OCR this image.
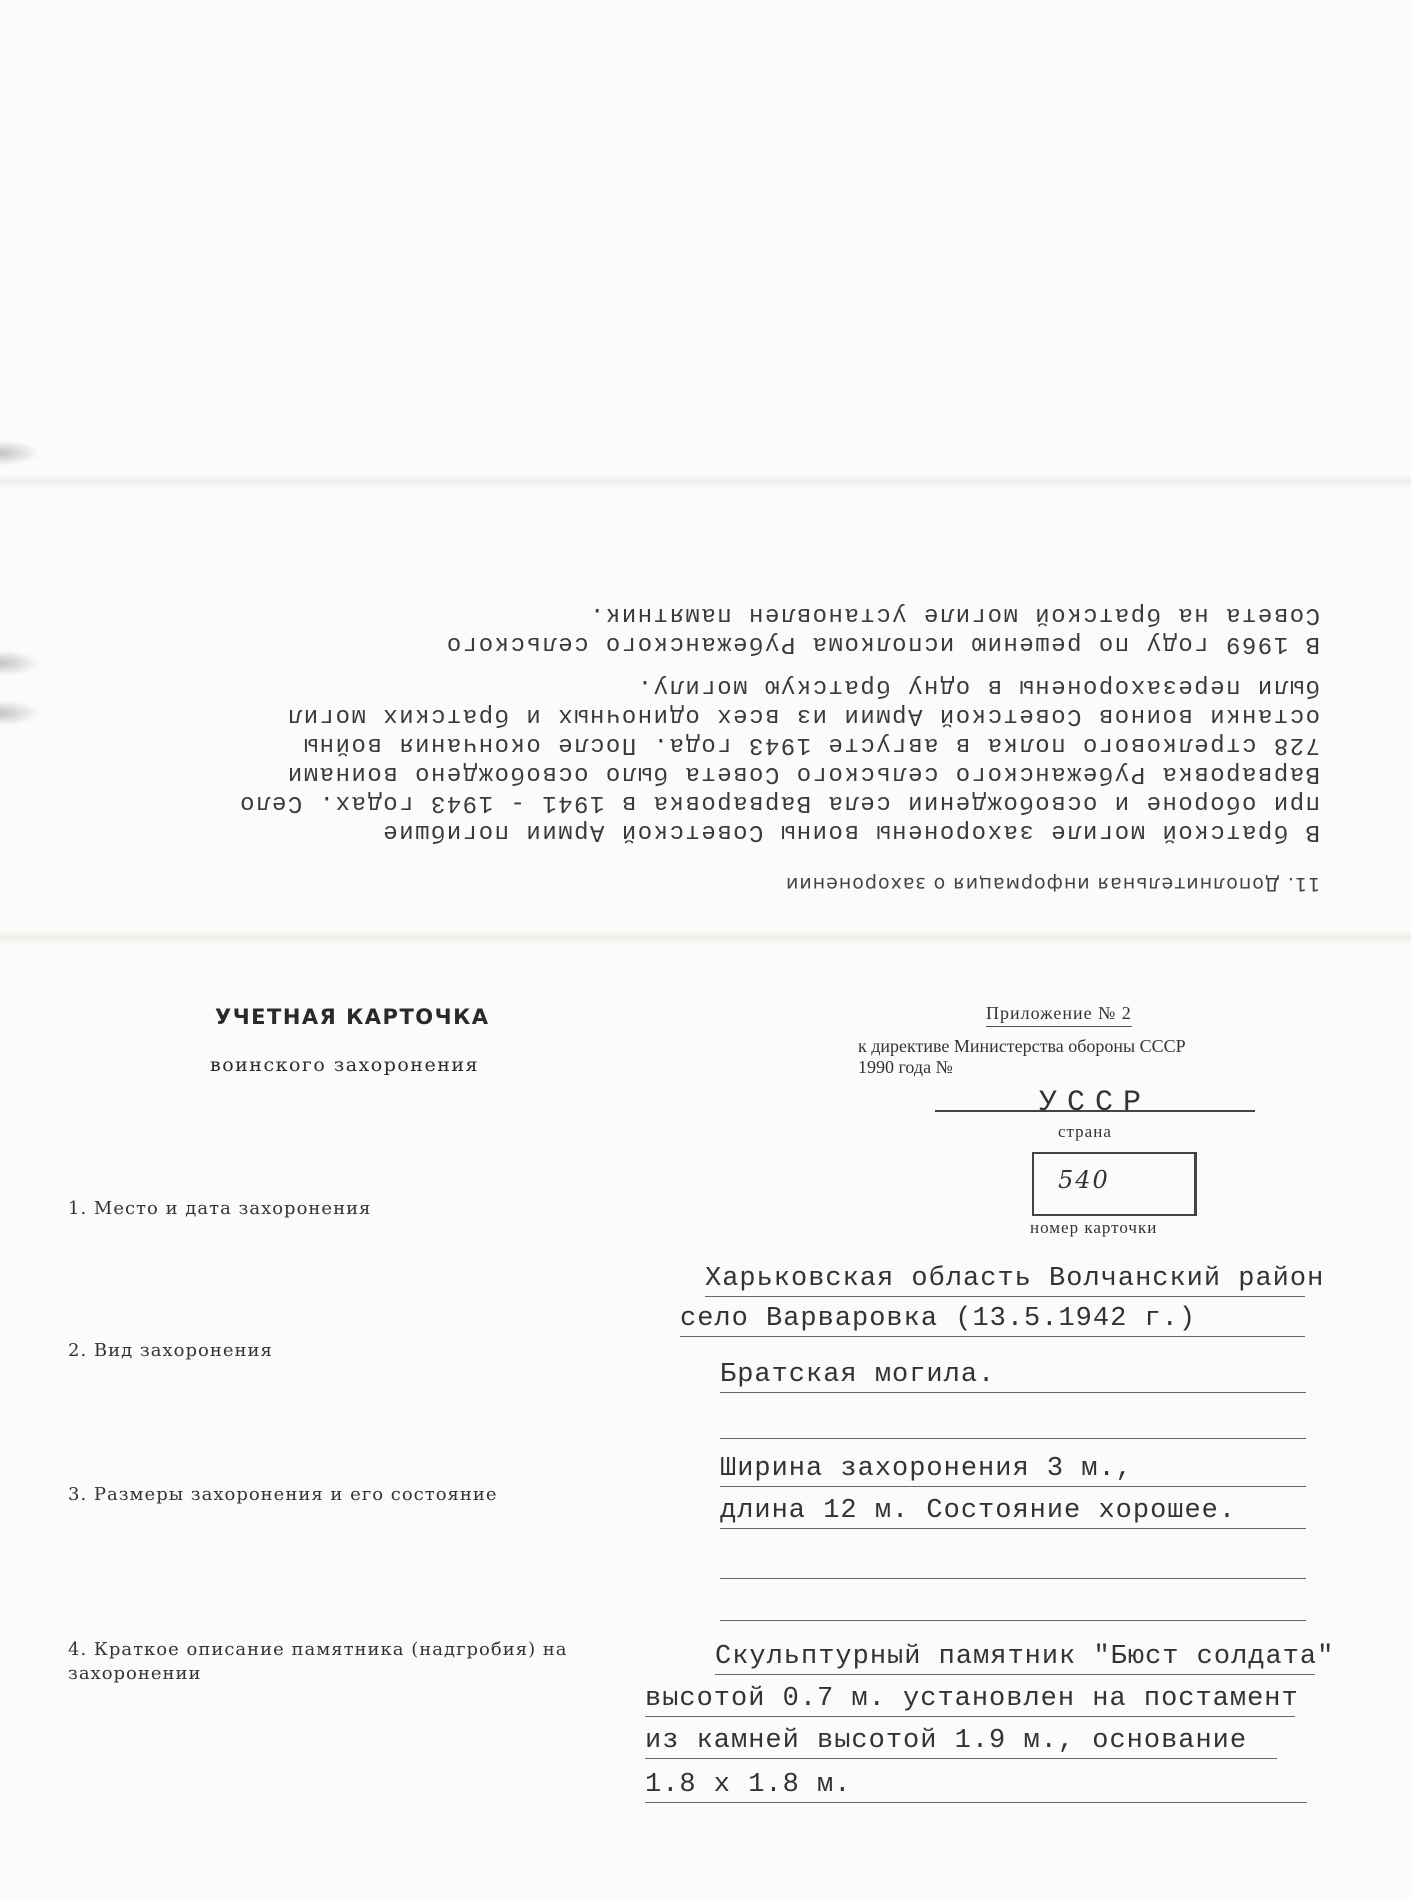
11. Дополнительная информация о захоронении
В братской могиле захоронены воины Советской Армии погибшие
при обороне и освобождении села Варваровка в 1941 - 1943 годах. Село
Варваровка Рубежанского сельского Совета было освобождено воинами
728 стрелкового полка в августе 1943 года. После окончания войны
останки воинов Советской Армии из всех одиночных и братских могил
были перезахоронены в одну братскую могилу.
В 1969 году по решению исполкома Рубежанского сельского
Совета на братской могиле установлен памятник.
УЧЕТНАЯ КАРТОЧКА
воинского захоронения
Приложение № 2
к директиве Министерства обороны СССР
1990 года №
УССР
страна
540
номер карточки
1. Место и дата захоронения
Харьковская область Волчанский район
село Варваровка (13.5.1942 г.)
2. Вид захоронения
Братская могила.
3. Размеры захоронения и его состояние
Ширина захоронения 3 м.,
длина 12 м. Состояние хорошее.
4. Краткое описание памятника (надгробия) на захоронении
Скульптурный памятник "Бюст солдата"
высотой 0.7 м. установлен на постамент
из камней высотой 1.9 м., основание
1.8 х 1.8 м.
